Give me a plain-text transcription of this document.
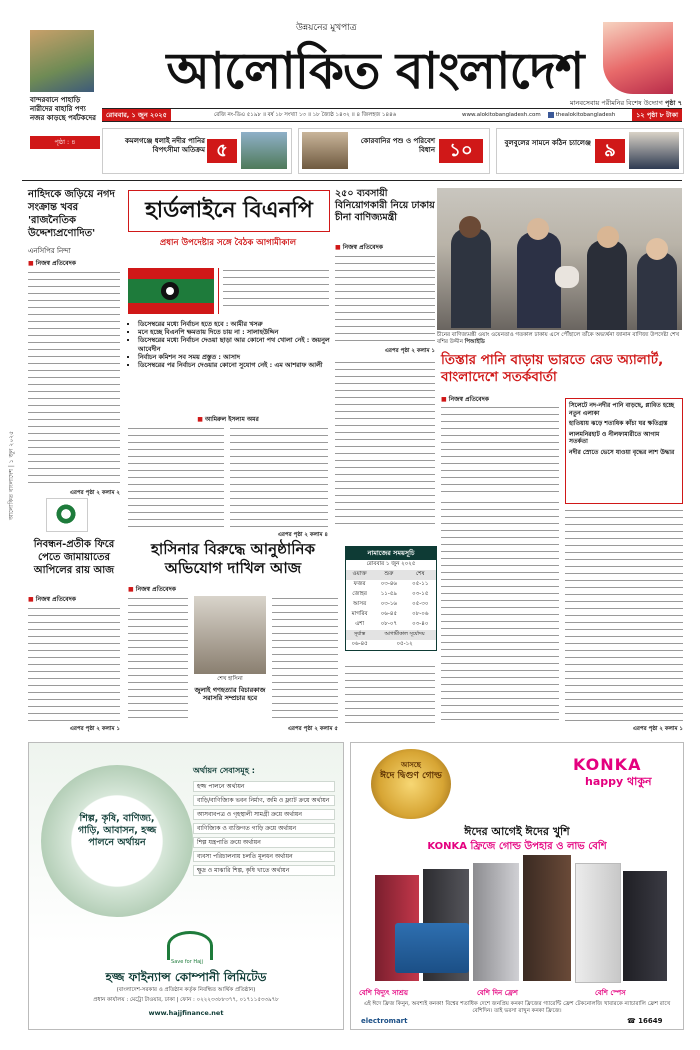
বান্দরবানে পাহাড়ি নারীদের বাহারি পণ্য নজর কাড়ছে পর্যটকদের
পৃষ্ঠা : ৪
উন্নয়নের মুখপাত্র
আলোকিত বাংলাদেশ
মানবসেবায় পরীমনির বিশেষ উদ্যোগ পৃষ্ঠা ৭
রোববার, ১ জুন ২০২৫	রেজি নং-ডিএ ৫১৯৮ ॥ বর্ষ ১৮ সংখ্যা ১৩ ॥ ১৮ জ্যৈষ্ঠ ১৪৩২ ॥ ৪ জিলহজ ১৪৪৬	www.alokitobangladesh.com	thealokitobangladesh	১২ পৃষ্ঠা ৮ টাকা
কমলগঞ্জে ধলাই নদীর পানির বিপৎসীমা অতিক্রম ৫	কোরবানির পশু ও পরিবেশ বিধান ১০	বুলবুলের সামনে কঠিন চ্যালেঞ্জ ৯
নাহিদকে জড়িয়ে নগদ সংক্রান্ত খবর 'রাজনৈতিক উদ্দেশ্যপ্রণোদিত'
এনসিপির নিন্দা
■ নিজস্ব প্রতিবেদক
এরপর পৃষ্ঠা ২ কলাম ২
নিবন্ধন-প্রতীক ফিরে পেতে জামায়াতের আপিলের রায় আজ
■ নিজস্ব প্রতিবেদক
এরপর পৃষ্ঠা ২ কলাম ১
আলোকিত বাংলাদেশ | ১ জুন ২০২৫
হার্ডলাইনে বিএনপি
প্রধান উপদেষ্টার সঙ্গে বৈঠক আগামীকাল
▪ ডিসেম্বরের মধ্যে নির্বাচন হতে হবে : আমীর খসরু
▪ মনে হচ্ছে বিএনপি ক্ষমতায় দিতে চায় না : সালাহউদ্দিন
▪ ডিসেম্বরের মধ্যে নির্বাচন দেওয়া ছাড়া আর কোনো পথ খোলা নেই : জয়নুল আবেদীন
▪ নির্বাচন কমিশন সব সময় প্রস্তুত : আসাদ
▪ ডিসেম্বরের পর নির্বাচন দেওয়ার কোনো সুযোগ নেই : এম আশরাফ আলী
■ আমিরুল ইসলাম অমর
২৫০ ব্যবসায়ী বিনিয়োগকারী নিয়ে ঢাকায় চীনা বাণিজ্যমন্ত্রী
■ নিজস্ব প্রতিবেদক
এরপর পৃষ্ঠা ২ কলাম ১
চীনের বাণিজ্যমন্ত্রী ওয়াং ওয়েনতাও গতকাল ঢাকায় এসে পৌঁছালে তাঁকে অভ্যর্থনা জানান বাণিজ্য উপদেষ্টা শেখ বশির উদ্দীন পিআইডি
তিস্তার পানি বাড়ায় ভারতে রেড অ্যালার্ট, বাংলাদেশে সতর্কবার্তা
■ নিজস্ব প্রতিবেদক
সিলেটে নদ-নদীর পানি বাড়ছে, প্লাবিত হচ্ছে নতুন এলাকা
হাতিয়ায় ঝড়ে শতাধিক কাঁচা ঘর ক্ষতিগ্রস্ত
লালমনিরহাট ও নীলফামারীতে আগাম সতর্কতা
নদীর স্রোতে ভেসে যাওয়া বৃদ্ধের লাশ উদ্ধার
এরপর পৃষ্ঠা ২ কলাম ১
এরপর পৃষ্ঠা ২ কলাম ৪
নামাজের সময়সূচি
রোববার ১ জুন ২০২৫
ওয়াক্ত	শুরু	শেষ
ফজর	০৩-৪৬	০৫-১১
জোহর	১১-৫৯	০৩-১৫
আসর	০৩-১৬	০৫-৩০
মাগরিব	০৬-৪৫	০৮-০৬
এশা	০৮-০৭	০৩-৪০
সূর্যাস্ত	আগামীকাল সূর্যোদয়	
০৬-৪৫	০৫-১২	
হাসিনার বিরুদ্ধে আনুষ্ঠানিক অভিযোগ দাখিল আজ
■ নিজস্ব প্রতিবেদক
শেখ হাসিনা
জুলাই গণহত্যার বিচারকাজ সরাসরি সম্প্রচার হবে
এরপর পৃষ্ঠা ২ কলাম ৫
শিল্প, কৃষি, বাণিজ্য, গাড়ি, আবাসন, হজ্জ পালনে অর্থায়ন
অর্থায়ন সেবাসমূহ :
হজ্জ পালনে অর্থায়ন
বাড়ি/বাণিজ্যিক ভবন নির্মাণ, জমি ও ফ্ল্যাট ক্রয়ে অর্থায়ন
আসবাবপত্র ও গৃহস্থালী সামগ্রী ক্রয়ে অর্থায়ন
বাণিজ্যিক ও ব্যক্তিগত গাড়ি ক্রয়ে অর্থায়ন
শিল্প যন্ত্রপাতি ক্রয়ে অর্থায়ন
ব্যবসা পরিচালনায় চলতি মূলধন অর্থায়ন
ক্ষুদ্র ও মাঝারি শিল্প, কৃষি খাতে অর্থায়ন
Save for Hajj
হজ্জ ফাইন্যান্স কোম্পানী লিমিটেড
(বাংলাদেশ-সরকার ও প্রতিষ্ঠান কর্তৃক নিবন্ধিত আর্থিক প্রতিষ্ঠান)
প্রধান কার্যালয় : মেট্রো টাওয়ার, ঢাকা | ফোন : ০২২২৩৩৮৮৩৭৭, ০১৭১১৫৩৩৯৭৮
www.hajjfinance.net
আসছে
ঈদে দ্বিগুণ গোল্ড
KONKA
happy থাকুন
ঈদের আগেই ঈদের খুশি
KONKA ফ্রিজে গোল্ড উপহার ও লাভ বেশি
বেশি বিদ্যুৎ সাশ্রয়	বেশি দিন ফ্রেশ	বেশি স্পেস
এই ঈদে ফ্রিজ কিনুন, অবশ্যই কনকা! বিশ্বের শতাধিক দেশে জনপ্রিয় কনকা ফ্রিজের গ্যারেন্টি ফ্রেশ টেকনোলজি খাবারকে ন্যাচারালি ফ্রেশ রাখে বেশিদিন। তাই ভরসা রাখুন কনকা ফ্রিজে।
electromart	☎ 16649
